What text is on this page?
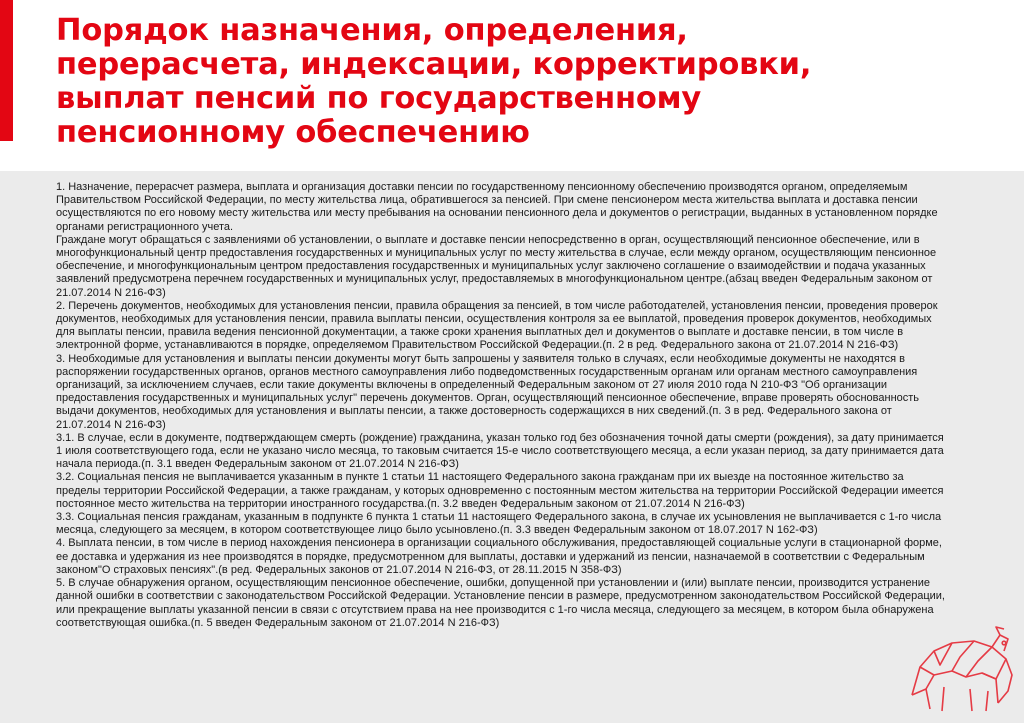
Порядок назначения, определения,
перерасчета, индексации, корректировки,
выплат пенсий по государственному
пенсионному обеспечению

1. Назначение, перерасчет размера, выплата и организация доставки пенсии по государственному пенсионному обеспечению производятся органом, определяемым Правительством Российской Федерации, по месту жительства лица, обратившегося за пенсией. При смене пенсионером места жительства выплата и доставка пенсии осуществляются по его новому месту жительства или месту пребывания на основании пенсионного дела и документов о регистрации, выданных в установленном порядке органами регистрационного учета.

Граждане могут обращаться с заявлениями об установлении, о выплате и доставке пенсии непосредственно в орган, осуществляющий пенсионное обеспечение, или в многофункциональный центр предоставления государственных и муниципальных услуг по месту жительства в случае, если между органом, осуществляющим пенсионное обеспечение, и многофункциональным центром предоставления государственных и муниципальных услуг заключено соглашение о взаимодействии и подача указанных заявлений предусмотрена перечнем государственных и муниципальных услуг, предоставляемых в многофункциональном центре.(абзац введен Федеральным законом от 21.07.2014 N 216-ФЗ)

2. Перечень документов, необходимых для установления пенсии, правила обращения за пенсией, в том числе работодателей, установления пенсии, проведения проверок документов, необходимых для установления пенсии, правила выплаты пенсии, осуществления контроля за ее выплатой, проведения проверок документов, необходимых для выплаты пенсии, правила ведения пенсионной документации, а также сроки хранения выплатных дел и документов о выплате и доставке пенсии, в том числе в электронной форме, устанавливаются в порядке, определяемом Правительством Российской Федерации.(п. 2 в ред. Федерального закона от 21.07.2014 N 216-ФЗ)

3. Необходимые для установления и выплаты пенсии документы могут быть запрошены у заявителя только в случаях, если необходимые документы не находятся в распоряжении государственных органов, органов местного самоуправления либо подведомственных государственным органам или органам местного самоуправления организаций, за исключением случаев, если такие документы включены в определенный Федеральным законом от 27 июля 2010 года N 210-ФЗ "Об организации предоставления государственных и муниципальных услуг" перечень документов. Орган, осуществляющий пенсионное обеспечение, вправе проверять обоснованность выдачи документов, необходимых для установления и выплаты пенсии, а также достоверность содержащихся в них сведений.(п. 3 в ред. Федерального закона от 21.07.2014 N 216-ФЗ)

3.1. В случае, если в документе, подтверждающем смерть (рождение) гражданина, указан только год без обозначения точной даты смерти (рождения), за дату принимается 1 июля соответствующего года, если не указано число месяца, то таковым считается 15-е число соответствующего месяца, а если указан период, за дату принимается дата начала периода.(п. 3.1 введен Федеральным законом от 21.07.2014 N 216-ФЗ)

3.2. Социальная пенсия не выплачивается указанным в пункте 1 статьи 11 настоящего Федерального закона гражданам при их выезде на постоянное жительство за пределы территории Российской Федерации, а также гражданам, у которых одновременно с постоянным местом жительства на территории Российской Федерации имеется постоянное место жительства на территории иностранного государства.(п. 3.2 введен Федеральным законом от 21.07.2014 N 216-ФЗ)

3.3. Социальная пенсия гражданам, указанным в подпункте 6 пункта 1 статьи 11 настоящего Федерального закона, в случае их усыновления не выплачивается с 1-го числа месяца, следующего за месяцем, в котором соответствующее лицо было усыновлено.(п. 3.3 введен Федеральным законом от 18.07.2017 N 162-ФЗ)

4. Выплата пенсии, в том числе в период нахождения пенсионера в организации социального обслуживания, предоставляющей социальные услуги в стационарной форме, ее доставка и удержания из нее производятся в порядке, предусмотренном для выплаты, доставки и удержаний из пенсии, назначаемой в соответствии с Федеральным законом"О страховых пенсиях".(в ред. Федеральных законов от 21.07.2014 N 216-ФЗ, от 28.11.2015 N 358-ФЗ)

5. В случае обнаружения органом, осуществляющим пенсионное обеспечение, ошибки, допущенной при установлении и (или) выплате пенсии, производится устранение данной ошибки в соответствии с законодательством Российской Федерации. Установление пенсии в размере, предусмотренном законодательством Российской Федерации, или прекращение выплаты указанной пенсии в связи с отсутствием права на нее производится с 1-го числа месяца, следующего за месяцем, в котором была обнаружена соответствующая ошибка.(п. 5 введен Федеральным законом от 21.07.2014 N 216-ФЗ)
